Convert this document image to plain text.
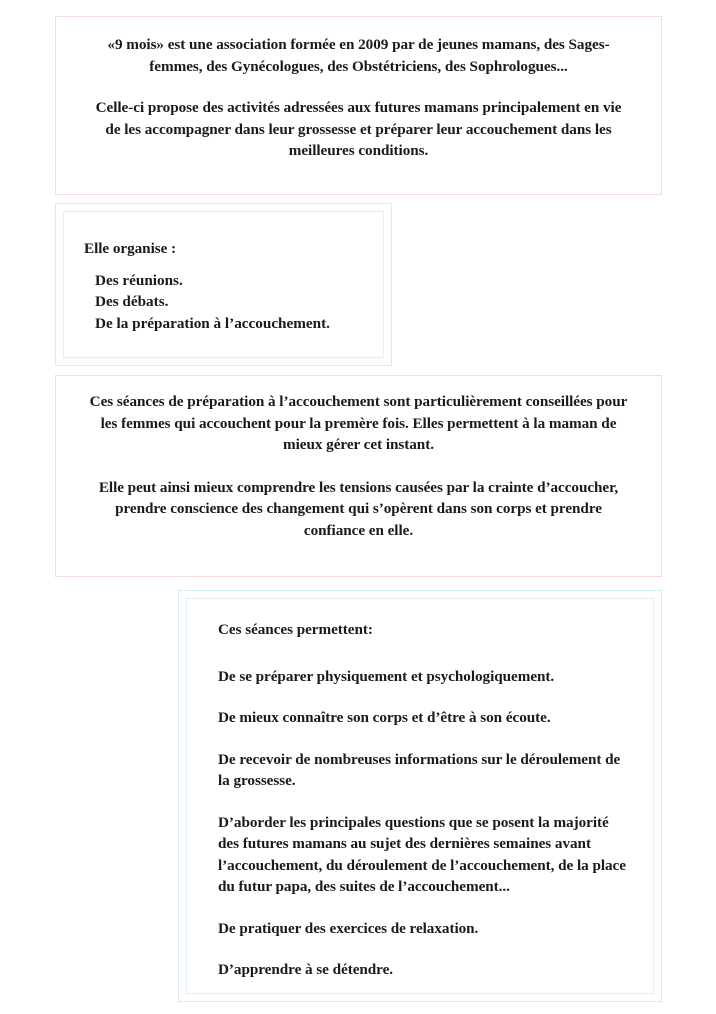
«9 mois» est une association formée en 2009 par de jeunes mamans, des Sages-femmes, des Gynécologues, des Obstétriciens, des Sophrologues...

Celle-ci propose des activités adressées aux futures mamans principalement en vie de les accompagner dans leur grossesse et préparer leur accouchement dans les meilleures conditions.

Elle organise :

Des réunions.
Des débats.
De la préparation à l’accouchement.

Ces séances de préparation à l’accouchement sont particulièrement conseillées pour les femmes qui accouchent pour la premère fois. Elles permettent à la maman de mieux gérer cet instant.

Elle peut ainsi mieux comprendre les tensions causées par la crainte d’accoucher, prendre conscience des changement qui s’opèrent dans son corps et prendre confiance en elle.

Ces séances permettent:

De se préparer physiquement et psychologiquement.

De mieux connaître son corps et d’être à son écoute.

De recevoir de nombreuses informations sur le déroulement de la grossesse.

D’aborder les principales questions que se posent la majorité des futures mamans au sujet des dernières semaines avant l’accouchement, du déroulement de l’accouchement, de la place du futur papa, des suites de l’accouchement...

De pratiquer des exercices de relaxation.

D’apprendre à se détendre.
